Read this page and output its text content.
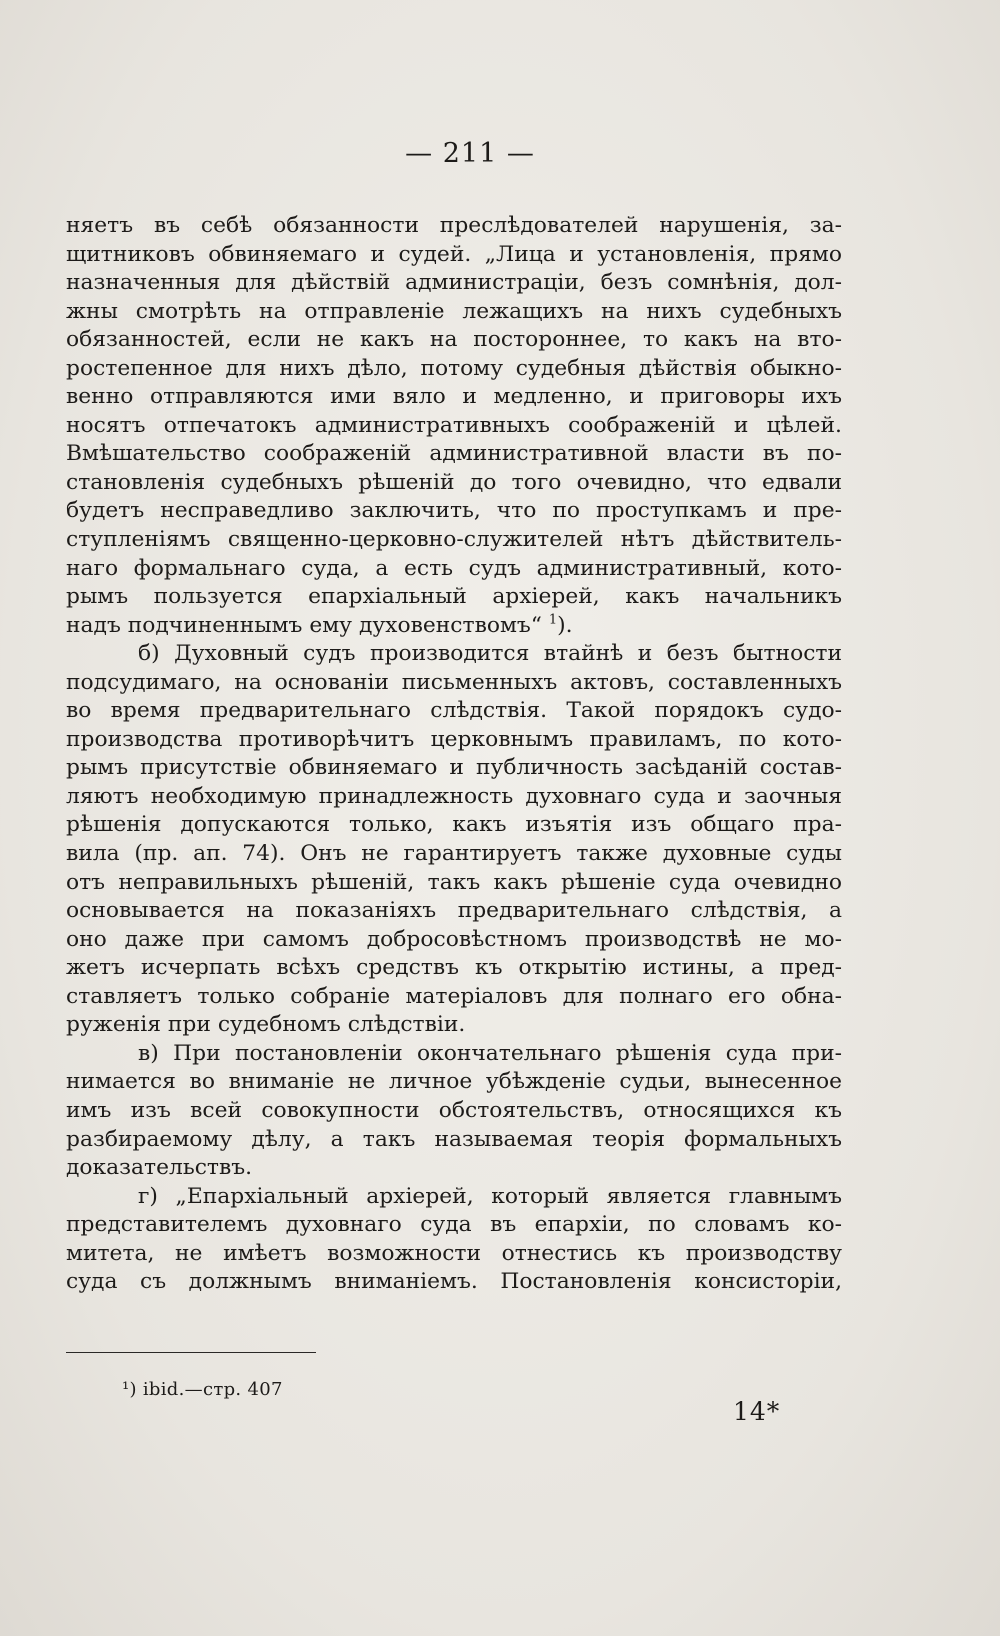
— 211 —
няетъ въ себѣ обязанности преслѣдователей нарушенія, за-
щитниковъ обвиняемаго и судей. „Лица и установленія, прямо
назначенныя для дѣйствій администраціи, безъ сомнѣнія, дол-
жны смотрѣть на отправленіе лежащихъ на нихъ судебныхъ
обязанностей, если не какъ на постороннее, то какъ на вто-
ростепенное для нихъ дѣло, потому судебныя дѣйствія обыкно-
венно отправляются ими вяло и медленно, и приговоры ихъ
носятъ отпечатокъ административныхъ соображеній и цѣлей.
Вмѣшательство соображеній административной власти въ по-
становленія судебныхъ рѣшеній до того очевидно, что едвали
будетъ несправедливо заключить, что по проступкамъ и пре-
ступленіямъ священно-церковно-служителей нѣтъ дѣйствитель-
наго формальнаго суда, а есть судъ административный, кото-
рымъ пользуется епархіальный архіерей, какъ начальникъ
надъ подчиненнымъ ему духовенствомъ“ $^1$).
б) Духовный судъ производится втайнѣ и безъ бытности
подсудимаго, на основаніи письменныхъ актовъ, составленныхъ
во время предварительнаго слѣдствія. Такой порядокъ судо-
производства противорѣчитъ церковнымъ правиламъ, по кото-
рымъ присутствіе обвиняемаго и публичность засѣданій состав-
ляютъ необходимую принадлежность духовнаго суда и заочныя
рѣшенія допускаются только, какъ изъятія изъ общаго пра-
вила (пр. ап. 74). Онъ не гарантируетъ также духовные суды
отъ неправильныхъ рѣшеній, такъ какъ рѣшеніе суда очевидно
основывается на показаніяхъ предварительнаго слѣдствія, а
оно даже при самомъ добросовѣстномъ производствѣ не мо-
жетъ исчерпать всѣхъ средствъ къ открытію истины, а пред-
ставляетъ только собраніе матеріаловъ для полнаго его обна-
руженія при судебномъ слѣдствіи.
в) При постановленіи окончательнаго рѣшенія суда при-
нимается во вниманіе не личное убѣжденіе судьи, вынесенное
имъ изъ всей совокупности обстоятельствъ, относящихся къ
разбираемому дѣлу, а такъ называемая теорія формальныхъ
доказательствъ.
г) „Епархіальный архіерей, который является главнымъ
представителемъ духовнаго суда въ епархіи, по словамъ ко-
митета, не имѣетъ возможности отнестись къ производству
суда съ должнымъ вниманіемъ. Постановленія консисторіи,
¹) ibid.—стр. 407
14*
